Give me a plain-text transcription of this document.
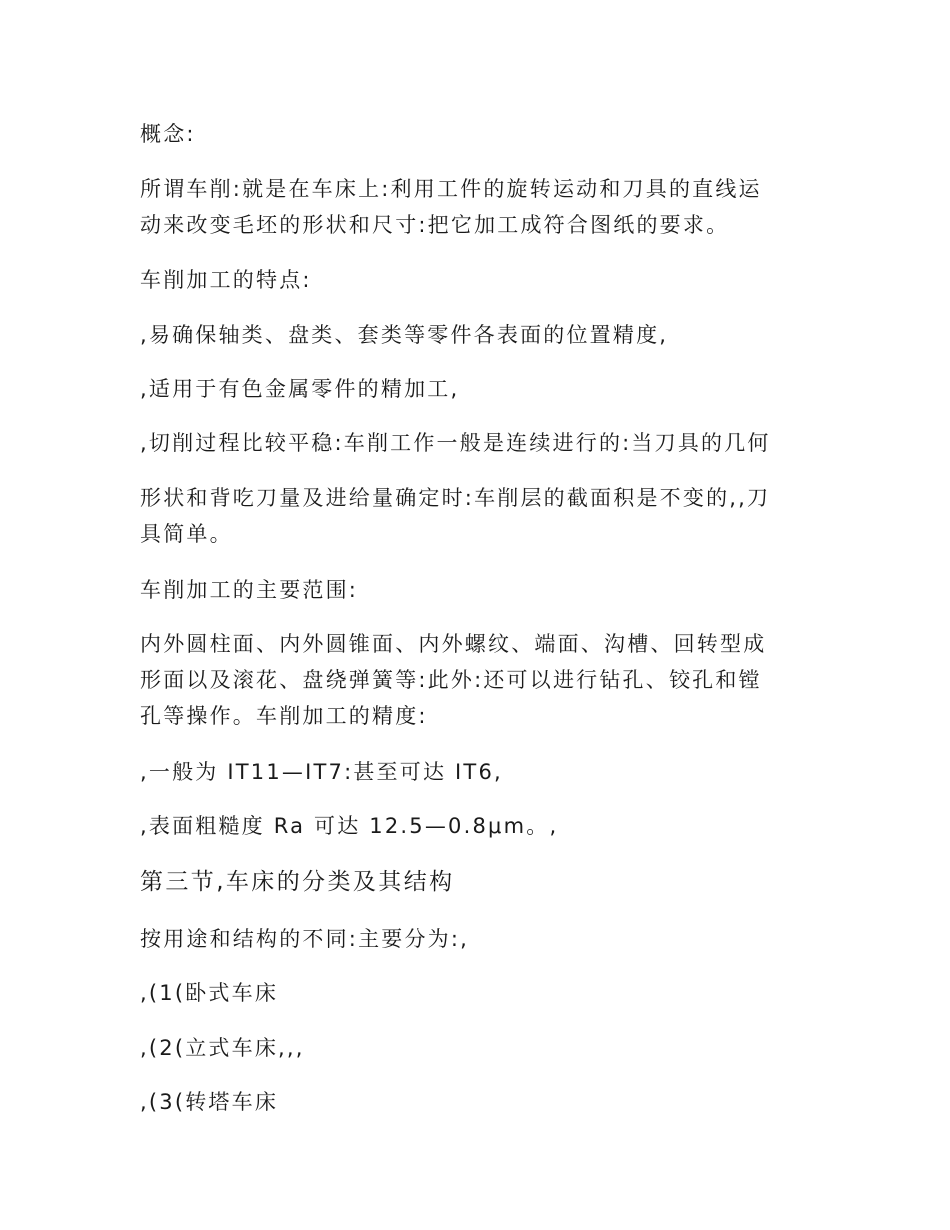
概念:

所谓车削:就是在车床上:利用工件的旋转运动和刀具的直线运
动来改变毛坯的形状和尺寸:把它加工成符合图纸的要求。

车削加工的特点:

,易确保轴类、盘类、套类等零件各表面的位置精度,

,适用于有色金属零件的精加工,

,切削过程比较平稳:车削工作一般是连续进行的:当刀具的几何

形状和背吃刀量及进给量确定时:车削层的截面积是不变的,,刀
具简单。

车削加工的主要范围:

内外圆柱面、内外圆锥面、内外螺纹、端面、沟槽、回转型成
形面以及滚花、盘绕弹簧等:此外:还可以进行钻孔、铰孔和镗
孔等操作。车削加工的精度:

,一般为 IT11—IT7:甚至可达 IT6,

,表面粗糙度 Ra 可达 12.5—0.8μm。,

第三节,车床的分类及其结构

按用途和结构的不同:主要分为:,

,(1(卧式车床

,(2(立式车床,,,

,(3(转塔车床
